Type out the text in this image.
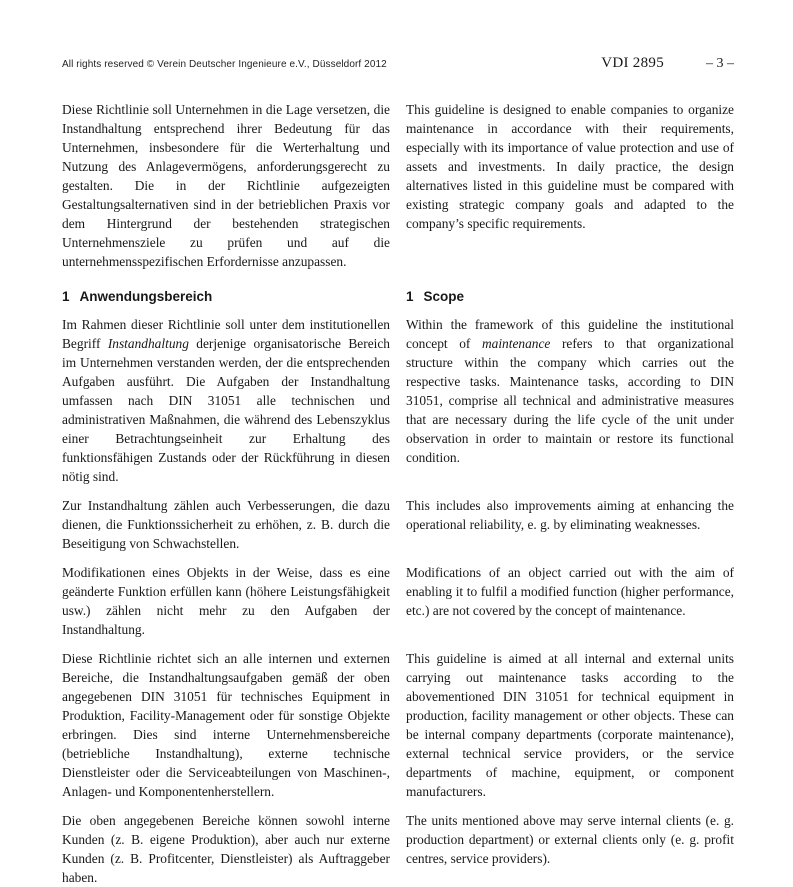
All rights reserved © Verein Deutscher Ingenieure e.V., Düsseldorf 2012	VDI 2895	– 3 –

Diese Richtlinie soll Unternehmen in die Lage versetzen, die Instandhaltung entsprechend ihrer Bedeutung für das Unternehmen, insbesondere für die Werterhaltung und Nutzung des Anlagevermögens, anforderungsgerecht zu gestalten. Die in der Richtlinie aufgezeigten Gestaltungsalternativen sind in der betrieblichen Praxis vor dem Hintergrund der bestehenden strategischen Unternehmensziele zu prüfen und auf die unternehmensspezifischen Erfordernisse anzupassen.

This guideline is designed to enable companies to organize maintenance in accordance with their requirements, especially with its importance of value protection and use of assets and investments. In daily practice, the design alternatives listed in this guideline must be compared with existing strategic company goals and adapted to the company’s specific requirements.

1 Anwendungsbereich	1 Scope

Im Rahmen dieser Richtlinie soll unter dem institutionellen Begriff Instandhaltung derjenige organisatorische Bereich im Unternehmen verstanden werden, der die entsprechenden Aufgaben ausführt. Die Aufgaben der Instandhaltung umfassen nach DIN 31051 alle technischen und administrativen Maßnahmen, die während des Lebenszyklus einer Betrachtungseinheit zur Erhaltung des funktionsfähigen Zustands oder der Rückführung in diesen nötig sind.

Within the framework of this guideline the institutional concept of maintenance refers to that organizational structure within the company which carries out the respective tasks. Maintenance tasks, according to DIN 31051, comprise all technical and administrative measures that are necessary during the life cycle of the unit under observation in order to maintain or restore its functional condition.

Zur Instandhaltung zählen auch Verbesserungen, die dazu dienen, die Funktionssicherheit zu erhöhen, z. B. durch die Beseitigung von Schwachstellen.

This includes also improvements aiming at enhancing the operational reliability, e. g. by eliminating weaknesses.

Modifikationen eines Objekts in der Weise, dass es eine geänderte Funktion erfüllen kann (höhere Leistungsfähigkeit usw.) zählen nicht mehr zu den Aufgaben der Instandhaltung.

Modifications of an object carried out with the aim of enabling it to fulfil a modified function (higher performance, etc.) are not covered by the concept of maintenance.

Diese Richtlinie richtet sich an alle internen und externen Bereiche, die Instandhaltungsaufgaben gemäß der oben angegebenen DIN 31051 für technisches Equipment in Produktion, Facility-Management oder für sonstige Objekte erbringen. Dies sind interne Unternehmensbereiche (betriebliche Instandhaltung), externe technische Dienstleister oder die Serviceabteilungen von Maschinen-, Anlagen- und Komponentenherstellern.

This guideline is aimed at all internal and external units carrying out maintenance tasks according to the abovementioned DIN 31051 for technical equipment in production, facility management or other objects. These can be internal company departments (corporate maintenance), external technical service providers, or the service departments of machine, equipment, or component manufacturers.

Die oben angegebenen Bereiche können sowohl interne Kunden (z. B. eigene Produktion), aber auch nur externe Kunden (z. B. Profitcenter, Dienstleister) als Auftraggeber haben.

The units mentioned above may serve internal clients (e. g. production department) or external clients only (e. g. profit centres, service providers).
